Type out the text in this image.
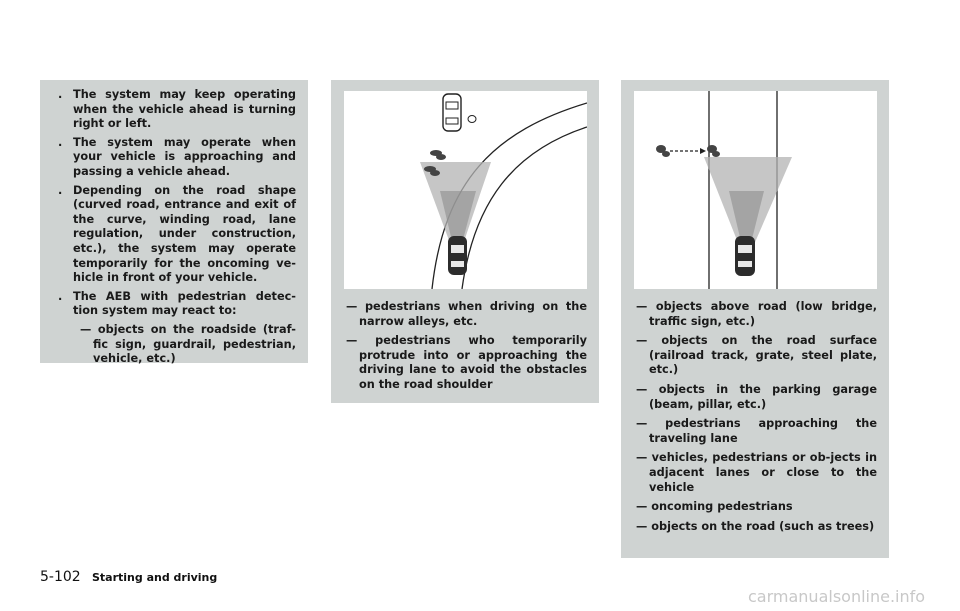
. The system may keep operating when the vehicle ahead is turning right or left.
. The system may operate when your vehicle is approaching and passing a vehicle ahead.
. Depending on the road shape (curved road, entrance and exit of the curve, winding road, lane regulation, under construction, etc.), the system may operate temporarily for the oncoming ve-hicle in front of your vehicle.
. The AEB with pedestrian detec-tion system may react to:
— objects on the roadside (traf-fic sign, guardrail, pedestrian, vehicle, etc.)
— pedestrians when driving on the narrow alleys, etc.
— pedestrians who temporarily protrude into or approaching the driving lane to avoid the obstacles on the road shoulder
— objects above road (low bridge, traffic sign, etc.)
— objects on the road surface (railroad track, grate, steel plate, etc.)
— objects in the parking garage (beam, pillar, etc.)
— pedestrians approaching the traveling lane
— vehicles, pedestrians or ob-jects in adjacent lanes or close to the vehicle
— oncoming pedestrians
— objects on the road (such as trees)
5-102 Starting and driving
carmanualsonline.info
